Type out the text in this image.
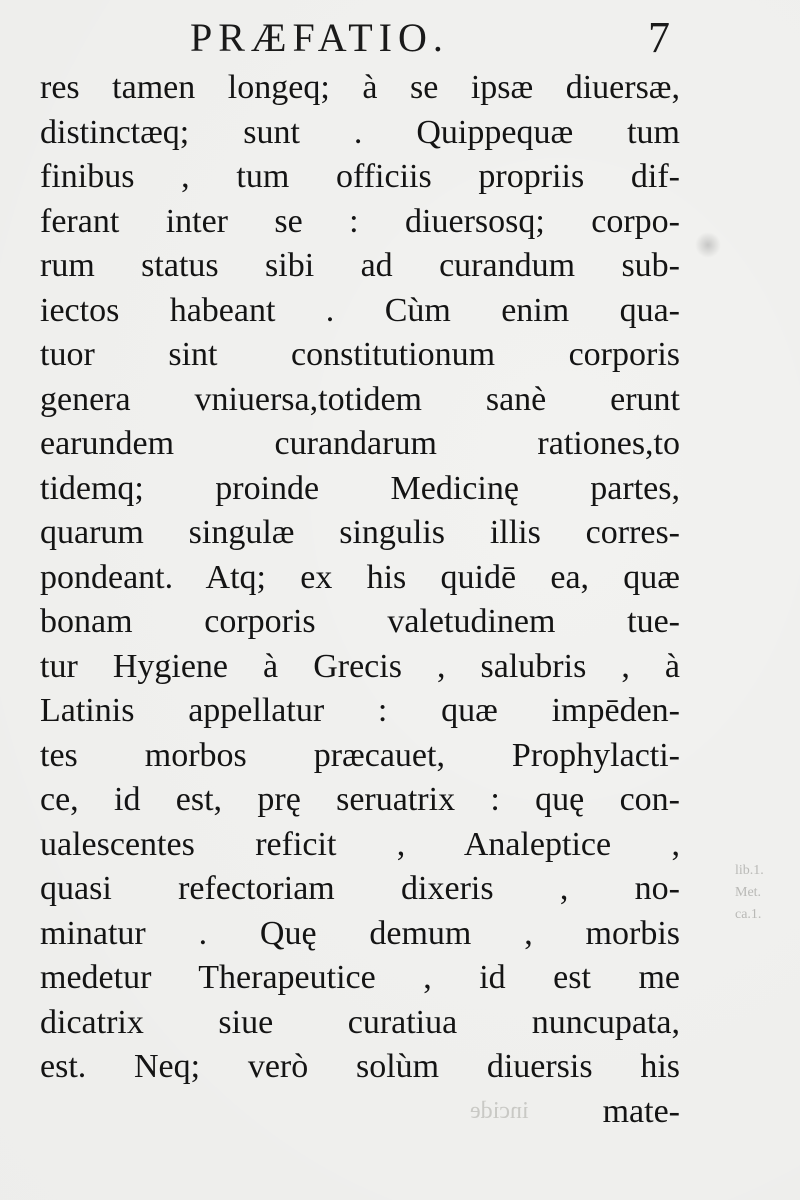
PRÆFATIO.	7
res tamen longeq; à se ipsæ diuersæ,
distinctæq; sunt . Quippequæ tum
finibus , tum officiis propriis dif-
ferant inter se : diuersosq; corpo-
rum status sibi ad curandum sub-
iectos habeant . Cùm enim qua-
tuor sint constitutionum corporis
genera vniuersa,totidem sanè erunt
earundem curandarum rationes,to
tidemq; proinde Medicinę partes,
quarum singulæ singulis illis corres-
pondeant. Atq; ex his quidē ea, quæ
bonam corporis valetudinem tue-
tur Hygiene à Grecis , salubris , à
Latinis appellatur : quæ impēden-
tes morbos præcauet, Prophylacti-
ce, id est, prę seruatrix : quę con-
ualescentes reficit , Analeptice ,
quasi refectoriam dixeris , no-
minatur . Quę demum , morbis
medetur Therapeutice , id est me
dicatrix siue curatiua nuncupata,
est. Neq; verò solùm diuersis his
mate-
lib.1.
Met.
ca.1.
incide
